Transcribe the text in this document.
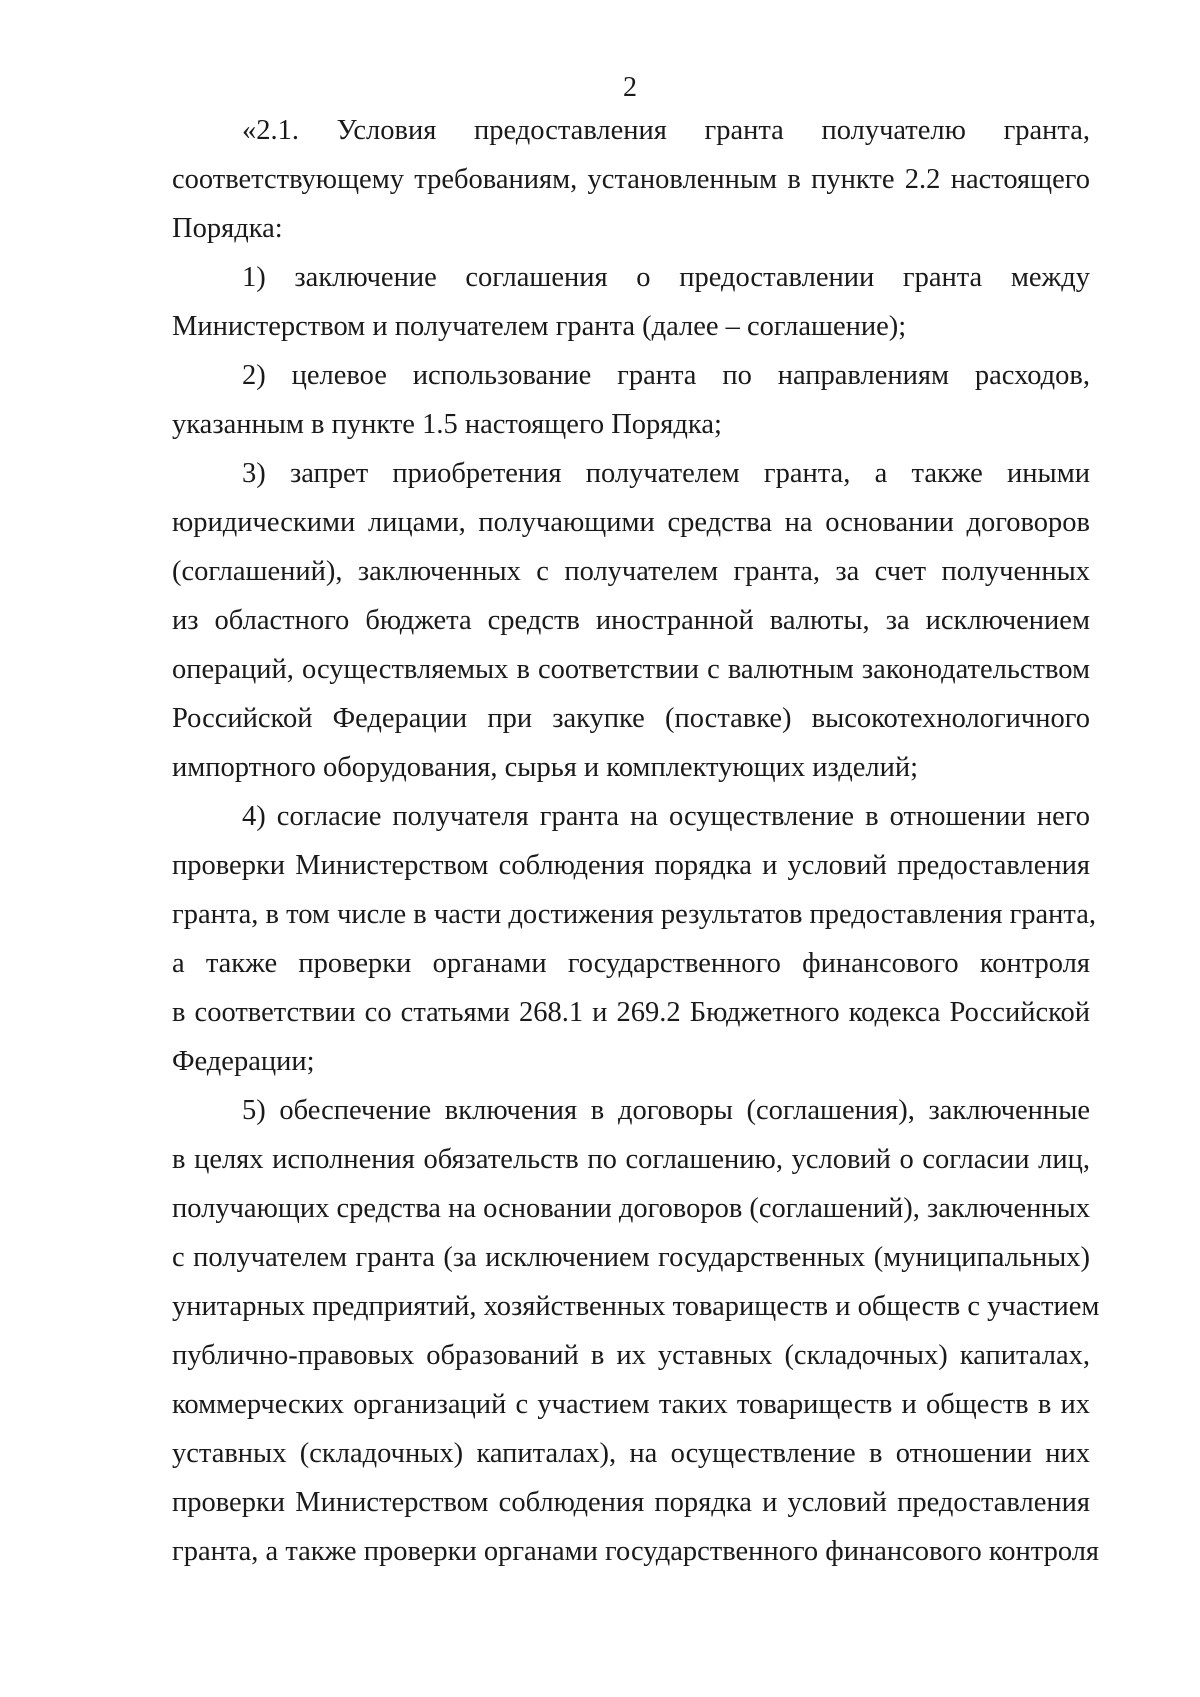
2

«2.1. Условия предоставления гранта получателю гранта,
соответствующему требованиям, установленным в пункте 2.2 настоящего
Порядка:

1) заключение соглашения о предоставлении гранта между
Министерством и получателем гранта (далее – соглашение);

2) целевое использование гранта по направлениям расходов,
указанным в пункте 1.5 настоящего Порядка;

3) запрет приобретения получателем гранта, а также иными
юридическими лицами, получающими средства на основании договоров
(соглашений), заключенных с получателем гранта, за счет полученных
из областного бюджета средств иностранной валюты, за исключением
операций, осуществляемых в соответствии с валютным законодательством
Российской Федерации при закупке (поставке) высокотехнологичного
импортного оборудования, сырья и комплектующих изделий;

4) согласие получателя гранта на осуществление в отношении него
проверки Министерством соблюдения порядка и условий предоставления
гранта, в том числе в части достижения результатов предоставления гранта,
а также проверки органами государственного финансового контроля
в соответствии со статьями 268.1 и 269.2 Бюджетного кодекса Российской
Федерации;

5) обеспечение включения в договоры (соглашения), заключенные
в целях исполнения обязательств по соглашению, условий о согласии лиц,
получающих средства на основании договоров (соглашений), заключенных
с получателем гранта (за исключением государственных (муниципальных)
унитарных предприятий, хозяйственных товариществ и обществ с участием
публично-правовых образований в их уставных (складочных) капиталах,
коммерческих организаций с участием таких товариществ и обществ в их
уставных (складочных) капиталах), на осуществление в отношении них
проверки Министерством соблюдения порядка и условий предоставления
гранта, а также проверки органами государственного финансового контроля
